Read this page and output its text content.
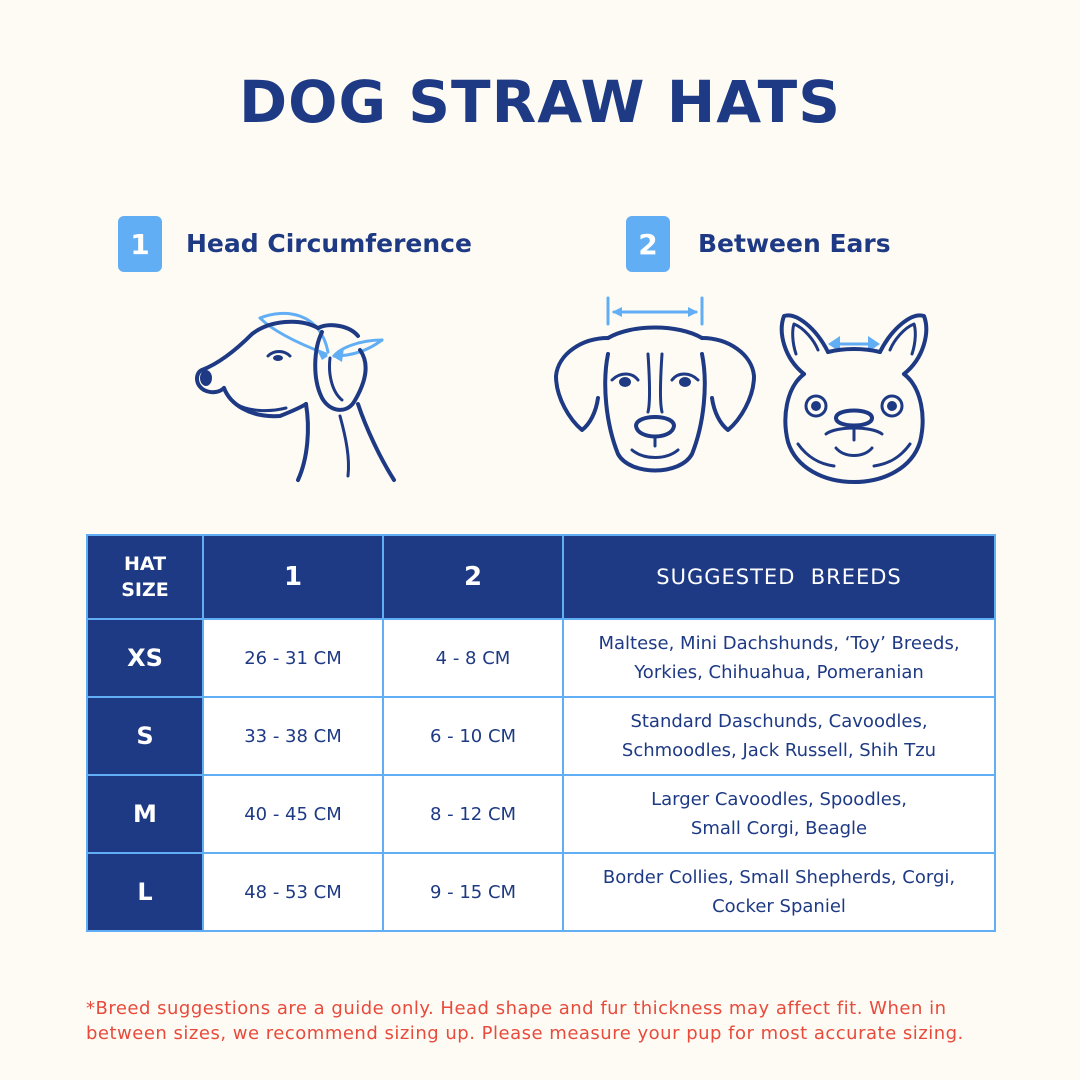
DOG STRAW HATS
1 Head Circumference	2 Between Ears
HAT
SIZE	1	2	SUGGESTED  BREEDS
XS	26 - 31 CM	4 - 8 CM	Maltese, Mini Dachshunds, ‘Toy’ Breeds,
Yorkies, Chihuahua, Pomeranian

S	33 - 38 CM	6 - 10 CM	Standard Daschunds, Cavoodles,
Schmoodles, Jack Russell, Shih Tzu

M	40 - 45 CM	8 - 12 CM	Larger Cavoodles, Spoodles,
Small Corgi, Beagle

L	48 - 53 CM	9 - 15 CM	Border Collies, Small Shepherds, Corgi,
Cocker Spaniel
*Breed suggestions are a guide only. Head shape and fur thickness may affect fit. When in between sizes, we recommend sizing up. Please measure your pup for most accurate sizing.
